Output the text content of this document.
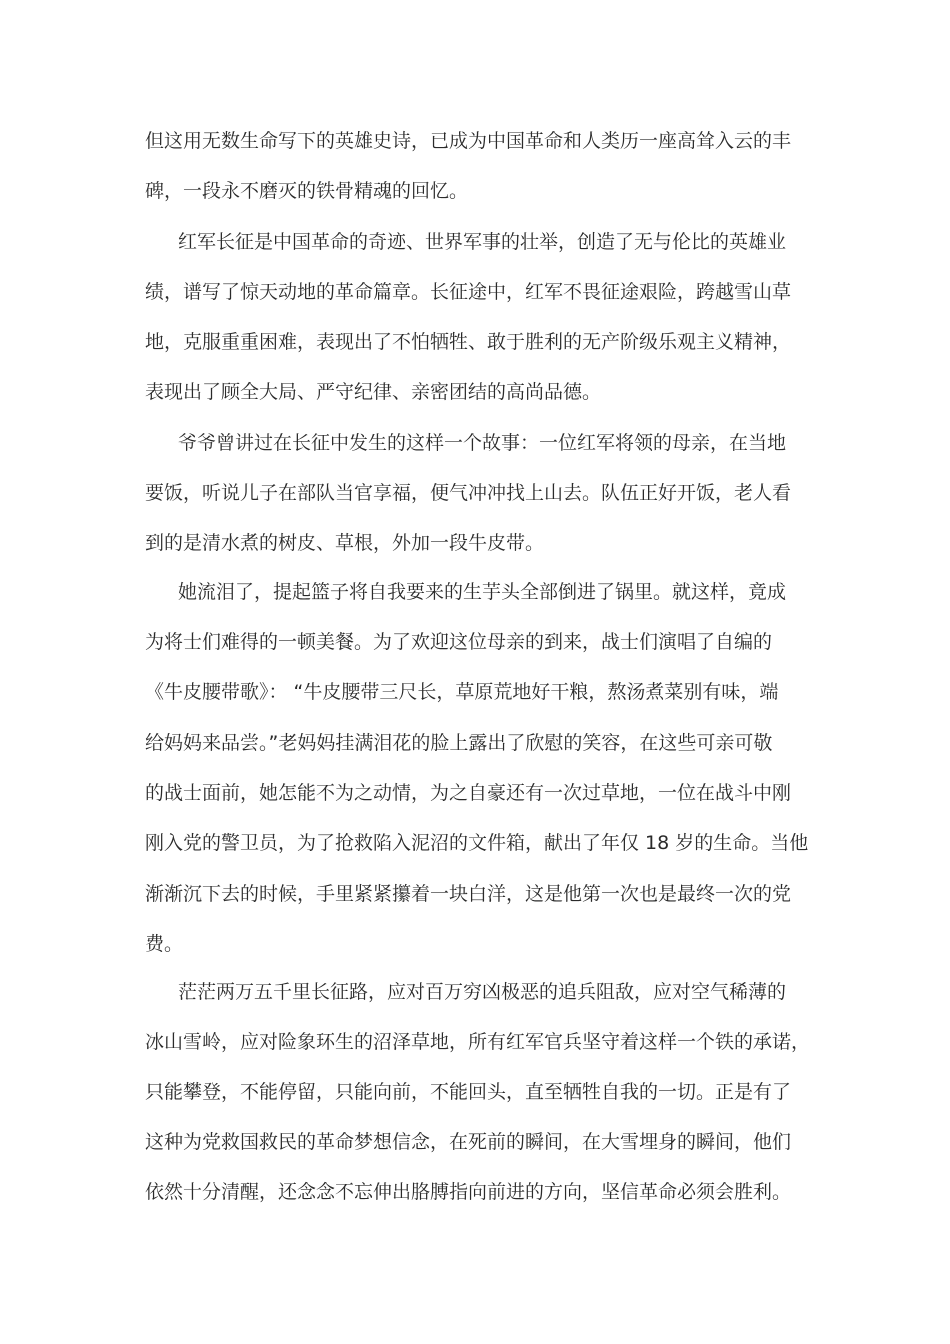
但这用无数生命写下的英雄史诗，已成为中国革命和人类历一座高耸入云的丰
碑，一段永不磨灭的铁骨精魂的回忆。
红军长征是中国革命的奇迹、世界军事的壮举，创造了无与伦比的英雄业
绩，谱写了惊天动地的革命篇章。长征途中，红军不畏征途艰险，跨越雪山草
地，克服重重困难，表现出了不怕牺牲、敢于胜利的无产阶级乐观主义精神，
表现出了顾全大局、严守纪律、亲密团结的高尚品德。
爷爷曾讲过在长征中发生的这样一个故事：一位红军将领的母亲，在当地
要饭，听说儿子在部队当官享福，便气冲冲找上山去。队伍正好开饭，老人看
到的是清水煮的树皮、草根，外加一段牛皮带。
她流泪了，提起篮子将自我要来的生芋头全部倒进了锅里。就这样，竟成
为将士们难得的一顿美餐。为了欢迎这位母亲的到来，战士们演唱了自编的
《牛皮腰带歌》： “牛皮腰带三尺长，草原荒地好干粮，熬汤煮菜别有味，端
给妈妈来品尝。”老妈妈挂满泪花的脸上露出了欣慰的笑容，在这些可亲可敬
的战士面前，她怎能不为之动情，为之自豪还有一次过草地，一位在战斗中刚
刚入党的警卫员，为了抢救陷入泥沼的文件箱，献出了年仅 18 岁的生命。当他
渐渐沉下去的时候，手里紧紧攥着一块白洋，这是他第一次也是最终一次的党
费。
茫茫两万五千里长征路，应对百万穷凶极恶的追兵阻敌，应对空气稀薄的
冰山雪岭，应对险象环生的沼泽草地，所有红军官兵坚守着这样一个铁的承诺，
只能攀登，不能停留，只能向前，不能回头，直至牺牲自我的一切。正是有了
这种为党救国救民的革命梦想信念，在死前的瞬间，在大雪埋身的瞬间，他们
依然十分清醒，还念念不忘伸出胳膊指向前进的方向，坚信革命必须会胜利。
